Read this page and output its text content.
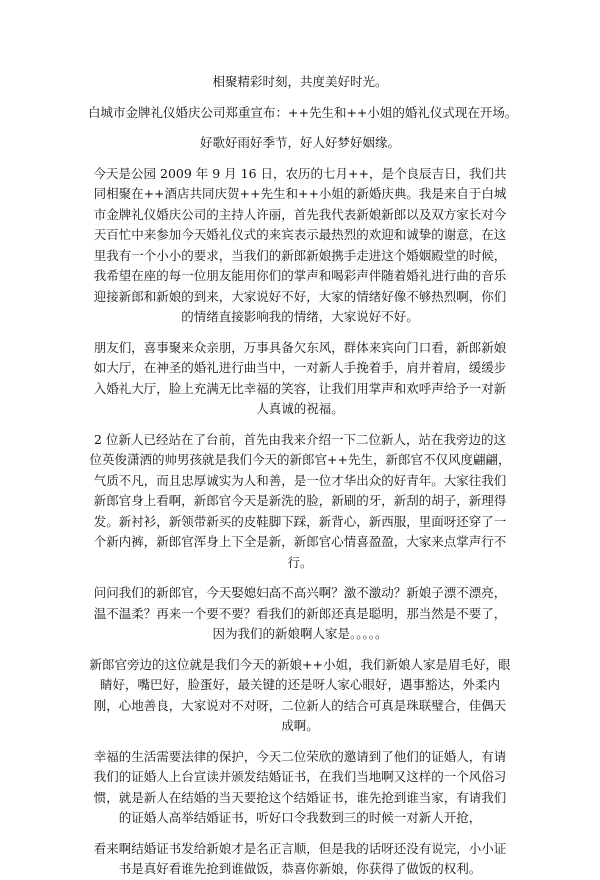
相聚精彩时刻，共度美好时光。

白城市金牌礼仪婚庆公司郑重宣布：++先生和++小姐的婚礼仪式现在开场。

好歌好雨好季节，好人好梦好姻缘。

今天是公园 2009 年 9 月 16 日，农历的七月++，是个良辰吉日，我们共同相聚在++酒店共同庆贺++先生和++小姐的新婚庆典。我是来自于白城市金牌礼仪婚庆公司的主持人许丽，首先我代表新娘新郎以及双方家长对今天百忙中来参加今天婚礼仪式的来宾表示最热烈的欢迎和诚挚的谢意，在这里我有一个小小的要求，当我们的新郎新娘携手走进这个婚姻殿堂的时候，我希望在座的每一位朋友能用你们的掌声和喝彩声伴随着婚礼进行曲的音乐迎接新郎和新娘的到来，大家说好不好，大家的情绪好像不够热烈啊，你们的情绪直接影响我的情绪，大家说好不好。

朋友们，喜事聚来众亲朋，万事具备欠东风，群体来宾向门口看，新郎新娘如大厅，在神圣的婚礼进行曲当中，一对新人手挽着手，肩并着肩，缓缓步入婚礼大厅，脸上充满无比幸福的笑容，让我们用掌声和欢呼声给予一对新人真诚的祝福。

2 位新人已经站在了台前，首先由我来介绍一下二位新人，站在我旁边的这位英俊潇洒的帅男孩就是我们今天的新郎官++先生，新郎官不仅风度翩翩，气质不凡，而且忠厚诚实为人和善，是一位才华出众的好青年。大家往我们新郎官身上看啊，新郎官今天是新洗的脸，新刷的牙，新刮的胡子，新理得发。新衬衫，新领带新买的皮鞋脚下踩，新背心，新西服，里面呀还穿了一个新内裤，新郎官浑身上下全是新，新郎官心情喜盈盈，大家来点掌声行不行。

问问我们的新郎官，今天娶媳妇高不高兴啊？激不激动？新娘子漂不漂亮，温不温柔？再来一个要不要？看我们的新郎还真是聪明，那当然是不要了，因为我们的新娘啊人家是。。。。。

新郎官旁边的这位就是我们今天的新娘++小姐，我们新娘人家是眉毛好，眼睛好，嘴巴好，脸蛋好，最关键的还是呀人家心眼好，遇事豁达，外柔内刚，心地善良，大家说对不对呀，二位新人的结合可真是珠联璧合，佳偶天成啊。

幸福的生活需要法律的保护，今天二位荣欣的邀请到了他们的证婚人，有请我们的证婚人上台宣读并颁发结婚证书，在我们当地啊又这样的一个风俗习惯，就是新人在结婚的当天要抢这个结婚证书，谁先抢到谁当家，有请我们的证婚人高举结婚证书，听好口令我数到三的时候一对新人开抢，

看来啊结婚证书发给新娘才是名正言顺，但是我的话呀还没有说完，小小证书是真好看谁先抢到谁做饭，恭喜你新娘，你获得了做饭的权利。
